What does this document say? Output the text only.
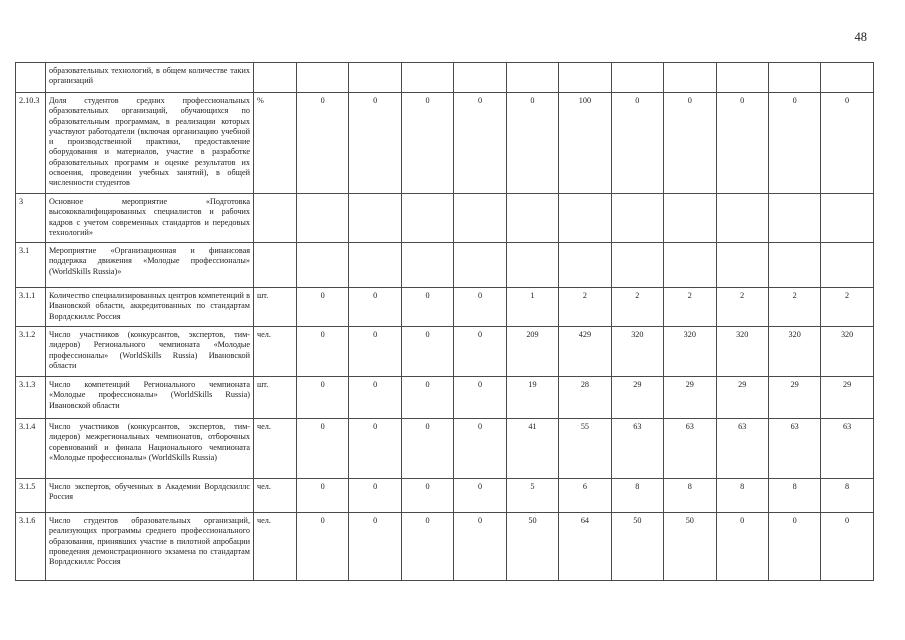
48
	образовательных технологий, в общем количестве таких организаций												
2.10.3	Доля студентов средних профессиональных образовательных организаций, обучающихся по образовательным программам, в реализации которых участвуют работодатели (включая организацию учебной и производственной практики, предоставление оборудования и материалов, участие в разработке образовательных программ и оценке результатов их освоения, проведении учебных занятий), в общей численности студентов	%	0	0	0	0	0	100	0	0	0	0	0
3	Основное мероприятие «Подготовка высококвалифицированных специалистов и рабочих кадров с учетом современных стандартов и передовых технологий»												
3.1	Мероприятие «Организационная и финансовая поддержка движения «Молодые профессионалы» (WorldSkills Russia)»												
3.1.1	Количество специализированных центров компетенций в Ивановской области, аккредитованных по стандартам Ворлдскиллс Россия	шт.	0	0	0	0	1	2	2	2	2	2	2
3.1.2	Число участников (конкурсантов, экспертов, тим-лидеров) Регионального чемпионата «Молодые профессионалы» (WorldSkills Russia) Ивановской области	чел.	0	0	0	0	209	429	320	320	320	320	320
3.1.3	Число компетенций Регионального чемпионата «Молодые профессионалы» (WorldSkills Russia) Ивановской области	шт.	0	0	0	0	19	28	29	29	29	29	29
3.1.4	Число участников (конкурсантов, экспертов, тим-лидеров) межрегиональных чемпионатов, отборочных соревнований и финала Национального чемпионата «Молодые профессионалы» (WorldSkills Russia)	чел.	0	0	0	0	41	55	63	63	63	63	63
3.1.5	Число экспертов, обученных в Академии Ворлдскиллс Россия	чел.	0	0	0	0	5	6	8	8	8	8	8
3.1.6	Число студентов образовательных организаций, реализующих программы среднего профессионального образования, принявших участие в пилотной апробации проведения демонстрационного экзамена по стандартам Ворлдскиллс Россия	чел.	0	0	0	0	50	64	50	50	0	0	0
